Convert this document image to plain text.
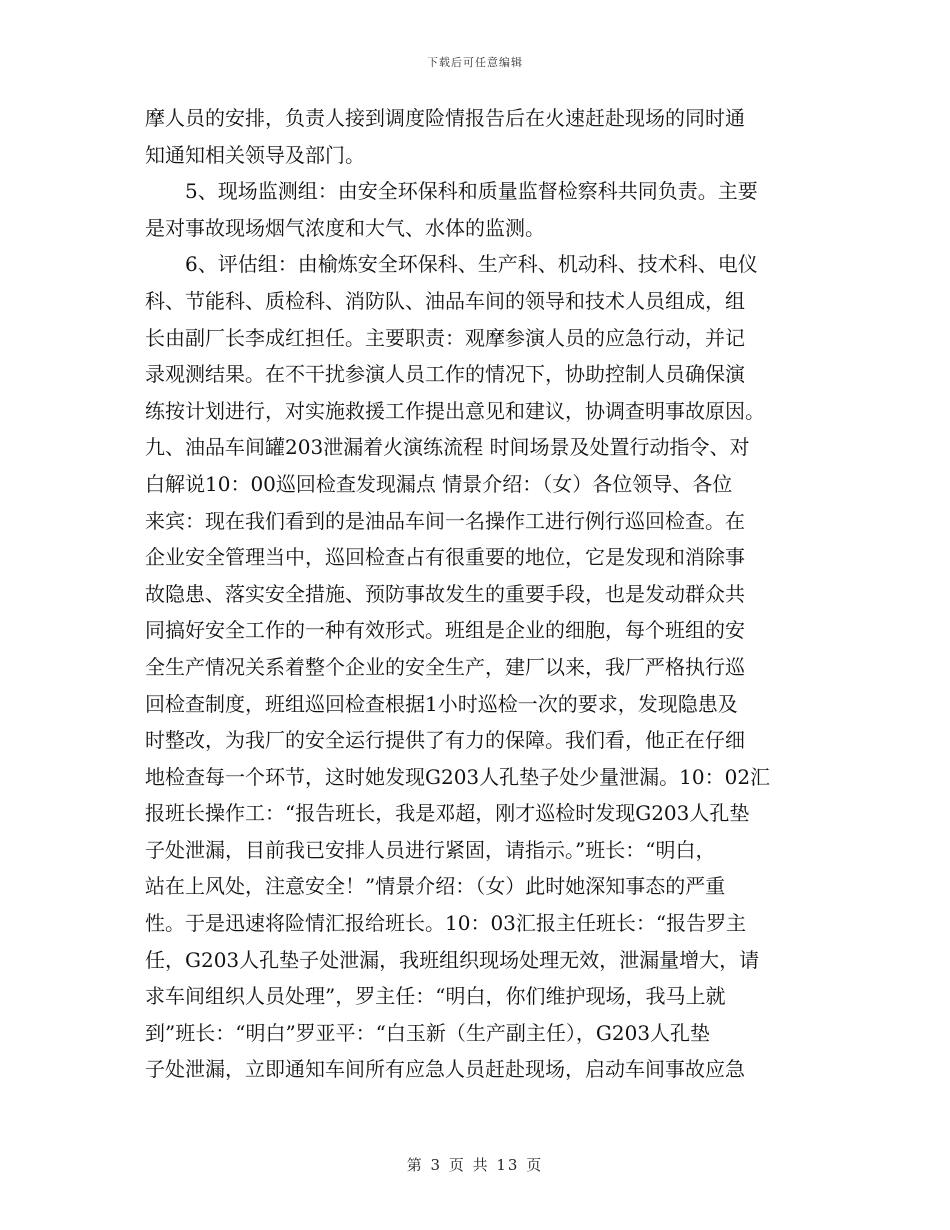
下载后可任意编辑
摩人员的安排，负责人接到调度险情报告后在火速赶赴现场的同时通
知通知相关领导及部门。
5、现场监测组：由安全环保科和质量监督检察科共同负责。主要
是对事故现场烟气浓度和大气、水体的监测。
6、评估组：由榆炼安全环保科、生产科、机动科、技术科、电仪
科、节能科、质检科、消防队、油品车间的领导和技术人员组成，组
长由副厂长李成红担任。主要职责：观摩参演人员的应急行动，并记
录观测结果。在不干扰参演人员工作的情况下，协助控制人员确保演
练按计划进行，对实施救援工作提出意见和建议，协调查明事故原因。
九、油品车间罐203泄漏着火演练流程 时间场景及处置行动指令、对
白解说10：00巡回检查发现漏点 情景介绍：（女）各位领导、各位
来宾：现在我们看到的是油品车间一名操作工进行例行巡回检查。在
企业安全管理当中，巡回检查占有很重要的地位，它是发现和消除事
故隐患、落实安全措施、预防事故发生的重要手段，也是发动群众共
同搞好安全工作的一种有效形式。班组是企业的细胞，每个班组的安
全生产情况关系着整个企业的安全生产，建厂以来，我厂严格执行巡
回检查制度，班组巡回检查根据1小时巡检一次的要求，发现隐患及
时整改，为我厂的安全运行提供了有力的保障。我们看，他正在仔细
地检查每一个环节，这时她发现G203人孔垫子处少量泄漏。10：02汇
报班长操作工：“报告班长，我是邓超，刚才巡检时发现G203人孔垫
子处泄漏，目前我已安排人员进行紧固，请指示。”班长：“明白，
站在上风处，注意安全！”情景介绍：（女）此时她深知事态的严重
性。于是迅速将险情汇报给班长。10：03汇报主任班长：“报告罗主
任，G203人孔垫子处泄漏，我班组织现场处理无效，泄漏量增大，请
求车间组织人员处理”，罗主任：“明白，你们维护现场，我马上就
到”班长：“明白”罗亚平：“白玉新（生产副主任），G203人孔垫
子处泄漏，立即通知车间所有应急人员赶赴现场，启动车间事故应急
第 3 页 共 13 页
